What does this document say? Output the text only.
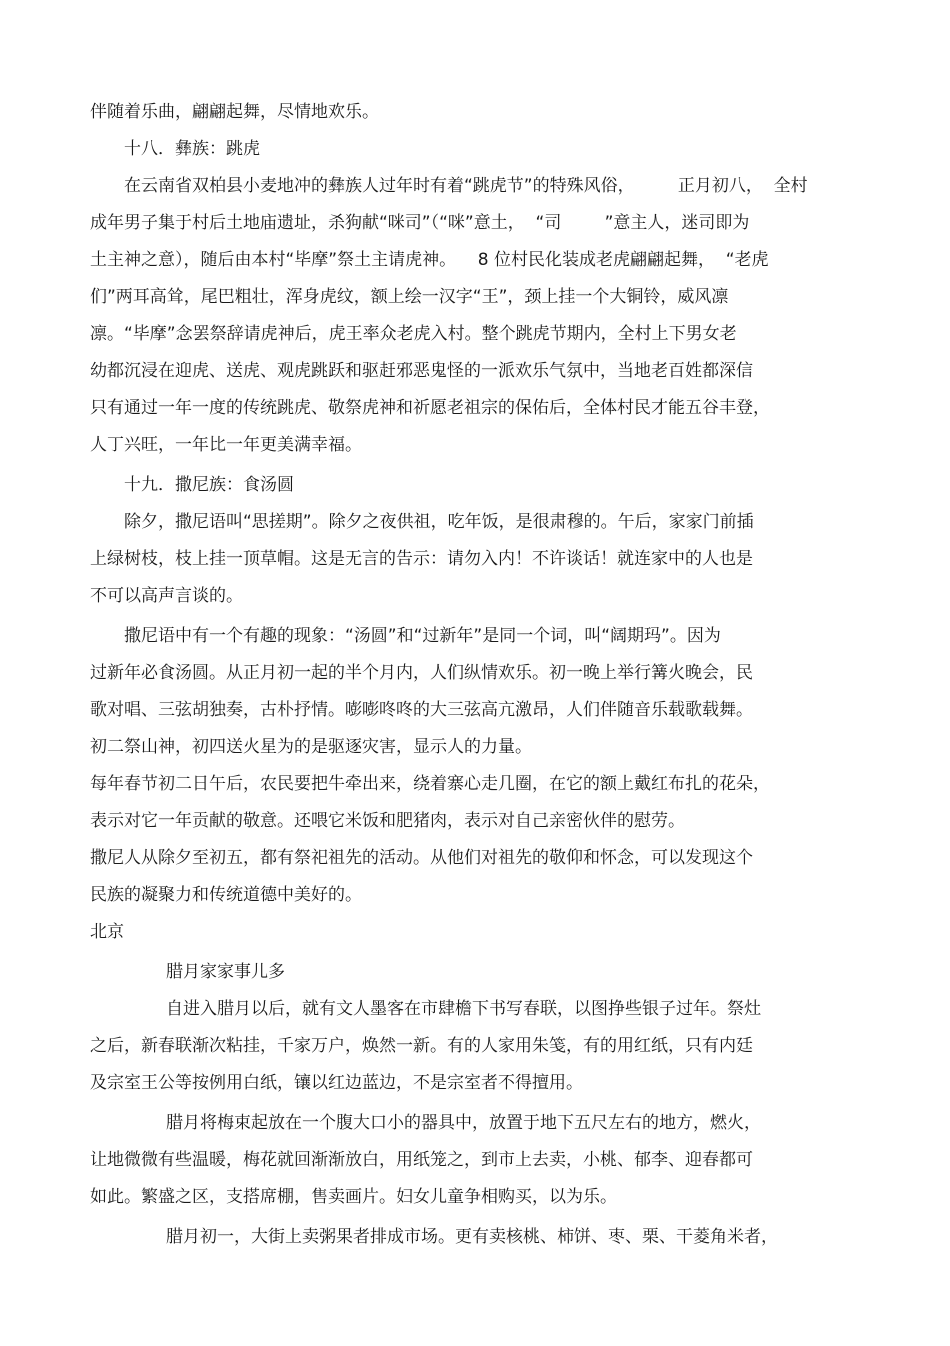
伴随着乐曲，翩翩起舞，尽情地欢乐。

十八．彝族：跳虎

在云南省双柏县小麦地冲的彝族人过年时有着“跳虎节”的特殊风俗，        正月初八，  全村

成年男子集于村后土地庙遗址，杀狗献“咪司”（“咪”意土，  “司        ”意主人，迷司即为

土主神之意），随后由本村“毕摩”祭土主请虎神。    8 位村民化装成老虎翩翩起舞，  “老虎

们”两耳高耸，尾巴粗壮，浑身虎纹，额上绘一汉字“王”，颈上挂一个大铜铃，威风凛

凛。“毕摩”念罢祭辞请虎神后，虎王率众老虎入村。整个跳虎节期内，全村上下男女老

幼都沉浸在迎虎、送虎、观虎跳跃和驱赶邪恶鬼怪的一派欢乐气氛中，当地老百姓都深信

只有通过一年一度的传统跳虎、敬祭虎神和祈愿老祖宗的保佑后，全体村民才能五谷丰登，

人丁兴旺，一年比一年更美满幸福。

十九．撒尼族：食汤圆

除夕，撒尼语叫“思搓期”。除夕之夜供祖，吃年饭，是很肃穆的。午后，家家门前插

上绿树枝，枝上挂一顶草帽。这是无言的告示：请勿入内！不许谈话！就连家中的人也是

不可以高声言谈的。

撒尼语中有一个有趣的现象：“汤圆”和“过新年”是同一个词，叫“阔期玛”。因为

过新年必食汤圆。从正月初一起的半个月内，人们纵情欢乐。初一晚上举行篝火晚会，民

歌对唱、三弦胡独奏，古朴抒情。嘭嘭咚咚的大三弦高亢激昂，人们伴随音乐载歌载舞。

初二祭山神，初四送火星为的是驱逐灾害，显示人的力量。

每年春节初二日午后，农民要把牛牵出来，绕着寨心走几圈，在它的额上戴红布扎的花朵，

表示对它一年贡献的敬意。还喂它米饭和肥猪肉，表示对自己亲密伙伴的慰劳。

撒尼人从除夕至初五，都有祭祀祖先的活动。从他们对祖先的敬仰和怀念，可以发现这个

民族的凝聚力和传统道德中美好的。

北京

腊月家家事儿多

自进入腊月以后，就有文人墨客在市肆檐下书写春联，以图挣些银子过年。祭灶

之后，新春联渐次粘挂，千家万户，焕然一新。有的人家用朱笺，有的用红纸，只有内廷

及宗室王公等按例用白纸，镶以红边蓝边，不是宗室者不得擅用。

腊月将梅束起放在一个腹大口小的器具中，放置于地下五尺左右的地方，燃火，

让地微微有些温暖，梅花就回渐渐放白，用纸笼之，到市上去卖，小桃、郁李、迎春都可

如此。繁盛之区，支搭席棚，售卖画片。妇女儿童争相购买，以为乐。

腊月初一，大街上卖粥果者排成市场。更有卖核桃、柿饼、枣、栗、干菱角米者，
